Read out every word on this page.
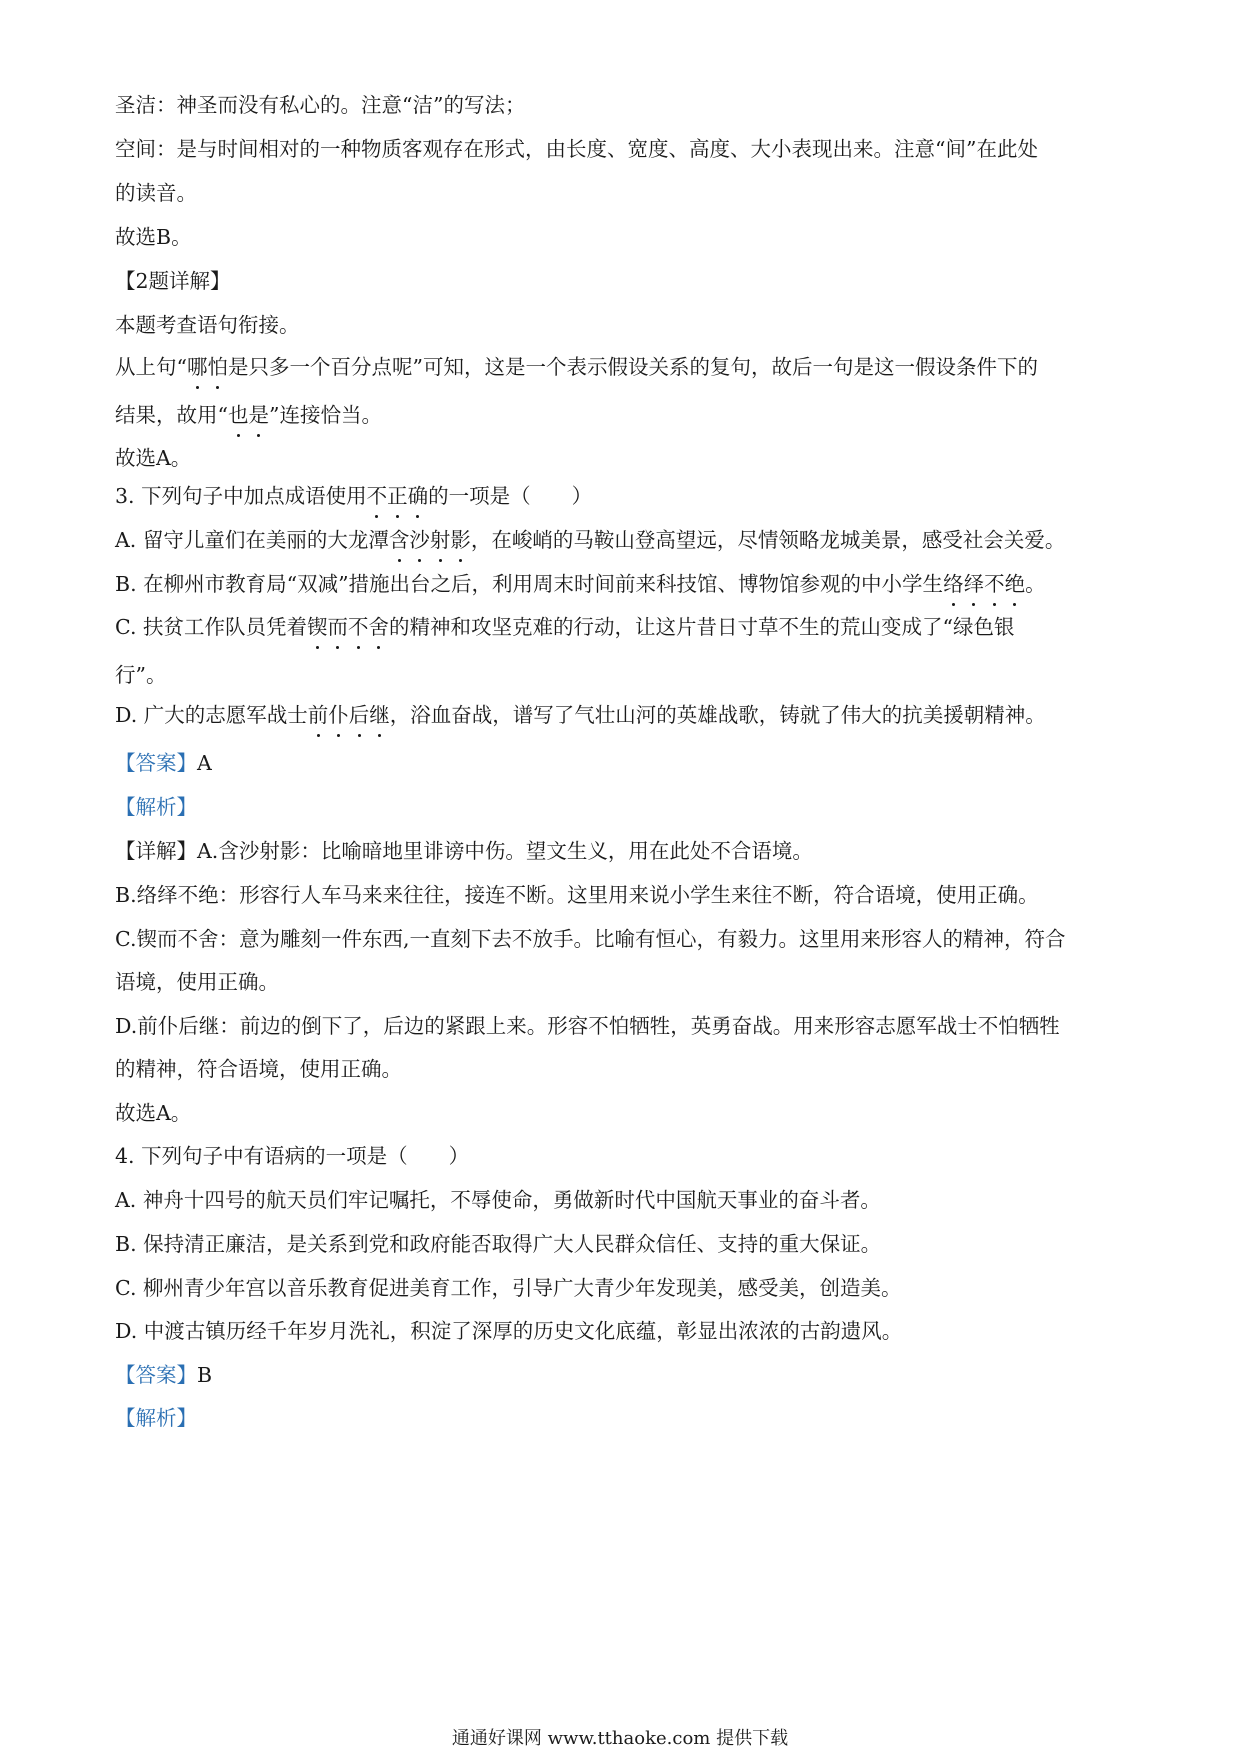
圣洁：神圣而没有私心的。注意“洁”的写法；
空间：是与时间相对的一种物质客观存在形式，由长度、宽度、高度、大小表现出来。注意“间”在此处
的读音。
故选B。
【2题详解】
本题考查语句衔接。
从上句“哪怕是只多一个百分点呢”可知，这是一个表示假设关系的复句，故后一句是这一假设条件下的
结果，故用“也是”连接恰当。
故选A。
3. 下列句子中加点成语使用不正确的一项是（　　）
A. 留守儿童们在美丽的大龙潭含沙射影，在峻峭的马鞍山登高望远，尽情领略龙城美景，感受社会关爱。
B. 在柳州市教育局“双减”措施出台之后，利用周末时间前来科技馆、博物馆参观的中小学生络绎不绝。
C. 扶贫工作队员凭着锲而不舍的精神和攻坚克难的行动，让这片昔日寸草不生的荒山变成了“绿色银
行”。
D. 广大的志愿军战士前仆后继，浴血奋战，谱写了气壮山河的英雄战歌，铸就了伟大的抗美援朝精神。
【答案】A
【解析】
【详解】A.含沙射影：比喻暗地里诽谤中伤。望文生义，用在此处不合语境。
B.络绎不绝：形容行人车马来来往往，接连不断。这里用来说小学生来往不断，符合语境，使用正确。
C.锲而不舍：意为雕刻一件东西,一直刻下去不放手。比喻有恒心，有毅力。这里用来形容人的精神，符合
语境，使用正确。
D.前仆后继：前边的倒下了，后边的紧跟上来。形容不怕牺牲，英勇奋战。用来形容志愿军战士不怕牺牲
的精神，符合语境，使用正确。
故选A。
4. 下列句子中有语病的一项是（　　）
A. 神舟十四号的航天员们牢记嘱托，不辱使命，勇做新时代中国航天事业的奋斗者。
B. 保持清正廉洁，是关系到党和政府能否取得广大人民群众信任、支持的重大保证。
C. 柳州青少年宫以音乐教育促进美育工作，引导广大青少年发现美，感受美，创造美。
D. 中渡古镇历经千年岁月洗礼，积淀了深厚的历史文化底蕴，彰显出浓浓的古韵遗风。
【答案】B
【解析】
通通好课网 www.tthaoke.com 提供下载
